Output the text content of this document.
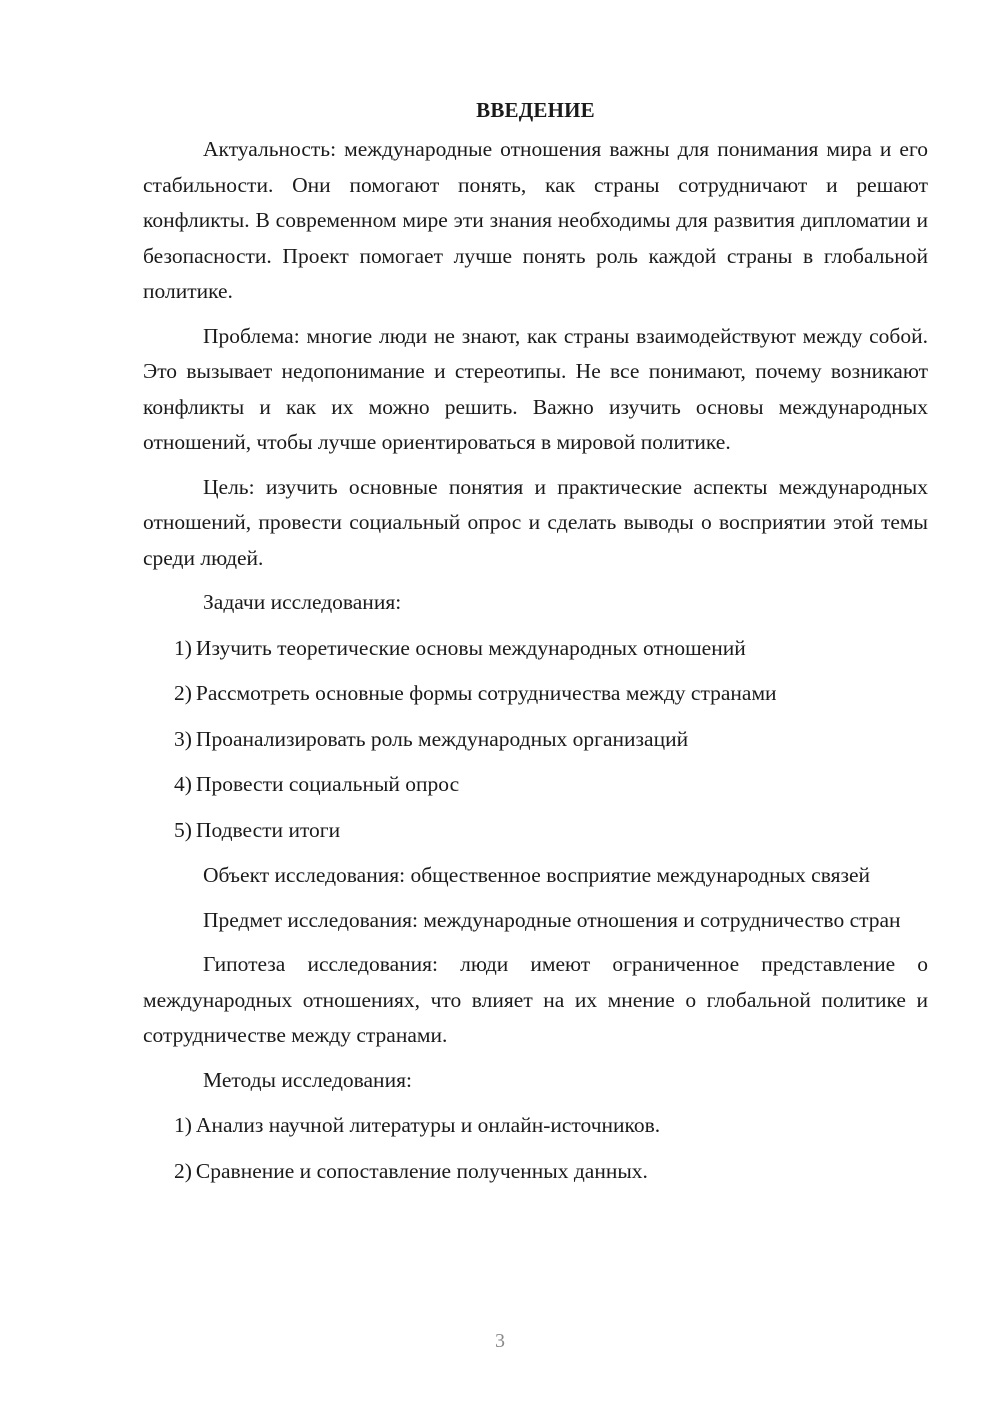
ВВЕДЕНИЕ

Актуальность: международные отношения важны для понимания мира и его стабильности. Они помогают понять, как страны сотрудничают и решают конфликты. В современном мире эти знания необходимы для развития дипломатии и безопасности. Проект помогает лучше понять роль каждой страны в глобальной политике.

Проблема: многие люди не знают, как страны взаимодействуют между собой. Это вызывает недопонимание и стереотипы. Не все понимают, почему возникают конфликты и как их можно решить. Важно изучить основы международных отношений, чтобы лучше ориентироваться в мировой политике.

Цель: изучить основные понятия и практические аспекты международных отношений, провести социальный опрос и сделать выводы о восприятии этой темы среди людей.

Задачи исследования:

1) Изучить теоретические основы международных отношений
2) Рассмотреть основные формы сотрудничества между странами
3) Проанализировать роль международных организаций
4) Провести социальный опрос
5) Подвести итоги

Объект исследования: общественное восприятие международных связей

Предмет исследования: международные отношения и сотрудничество стран

Гипотеза исследования: люди имеют ограниченное представление о международных отношениях, что влияет на их мнение о глобальной политике и сотрудничестве между странами.

Методы исследования:

1) Анализ научной литературы и онлайн-источников.
2) Сравнение и сопоставление полученных данных.
3
